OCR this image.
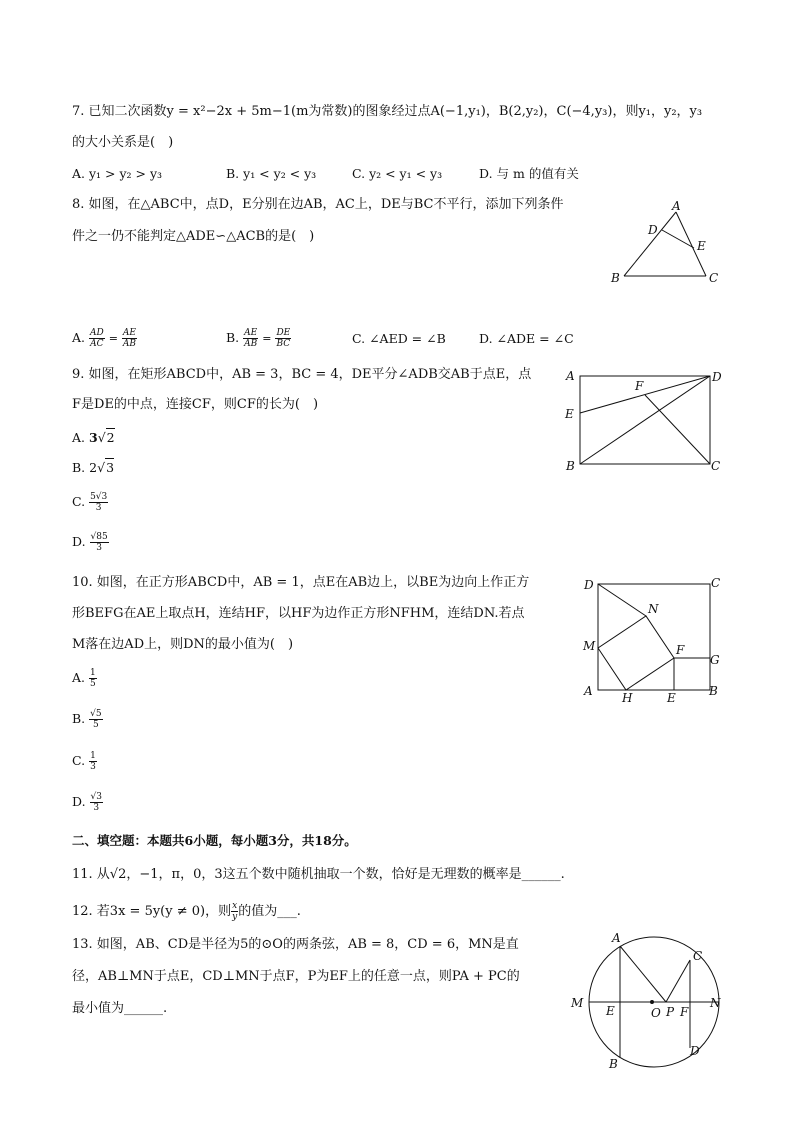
7. 已知二次函数y = x²−2x + 5m−1(m为常数)的图象经过点A(−1,y₁)，B(2,y₂)，C(−4,y₃)，则y₁，y₂，y₃
的大小关系是(　)
A. y₁ > y₂ > y₃	B. y₁ < y₂ < y₃	C. y₂ < y₁ < y₃	D. 与 m 的值有关
8. 如图，在△ABC中，点D，E分别在边AB，AC上，DE与BC不平行，添加下列条件
件之一仍不能判定△ADE∽△ACB的是(　)
A
D
E
B	C
A. $\frac{AD}{AC} = \frac{AE}{AB}$	B. $\frac{AE}{AB} = \frac{DE}{BC}$	C. ∠AED = ∠B	D. ∠ADE = ∠C
9. 如图，在矩形ABCD中，AB = 3，BC = 4，DE平分∠ADB交AB于点E，点
F是DE的中点，连接CF，则CF的长为(　)
A. 3√2
B. 2√3
C. $\frac{5√3}{3}$
D. $\frac{√85}{3}$
A	D
E
F
B	C
10. 如图，在正方形ABCD中，AB = 1，点E在AB边上，以BE为边向上作正方
形BEFG在AE上取点H，连结HF，以HF为边作正方形NFHM，连结DN.若点
M落在边AD上，则DN的最小值为(　)
A. $\frac{1}{5}$
B. $\frac{√5}{5}$
C. $\frac{1}{3}$
D. $\frac{√3}{3}$
D	C
N
M	F
G
A H	E	B
二、填空题：本题共6小题，每小题3分，共18分。
11. 从√2，−1，π，0，3这五个数中随机抽取一个数，恰好是无理数的概率是______.
12. 若3x = 5y(y ≠ 0)，则 $\frac{x}{y}$ 的值为___.
13. 如图，AB、CD是半径为5的⊙O的两条弦，AB = 8，CD = 6，MN是直
径，AB⊥MN于点E，CD⊥MN于点F，P为EF上的任意一点，则PA + PC的
最小值为______.
A
C
M	N
E	O P F
B
D
